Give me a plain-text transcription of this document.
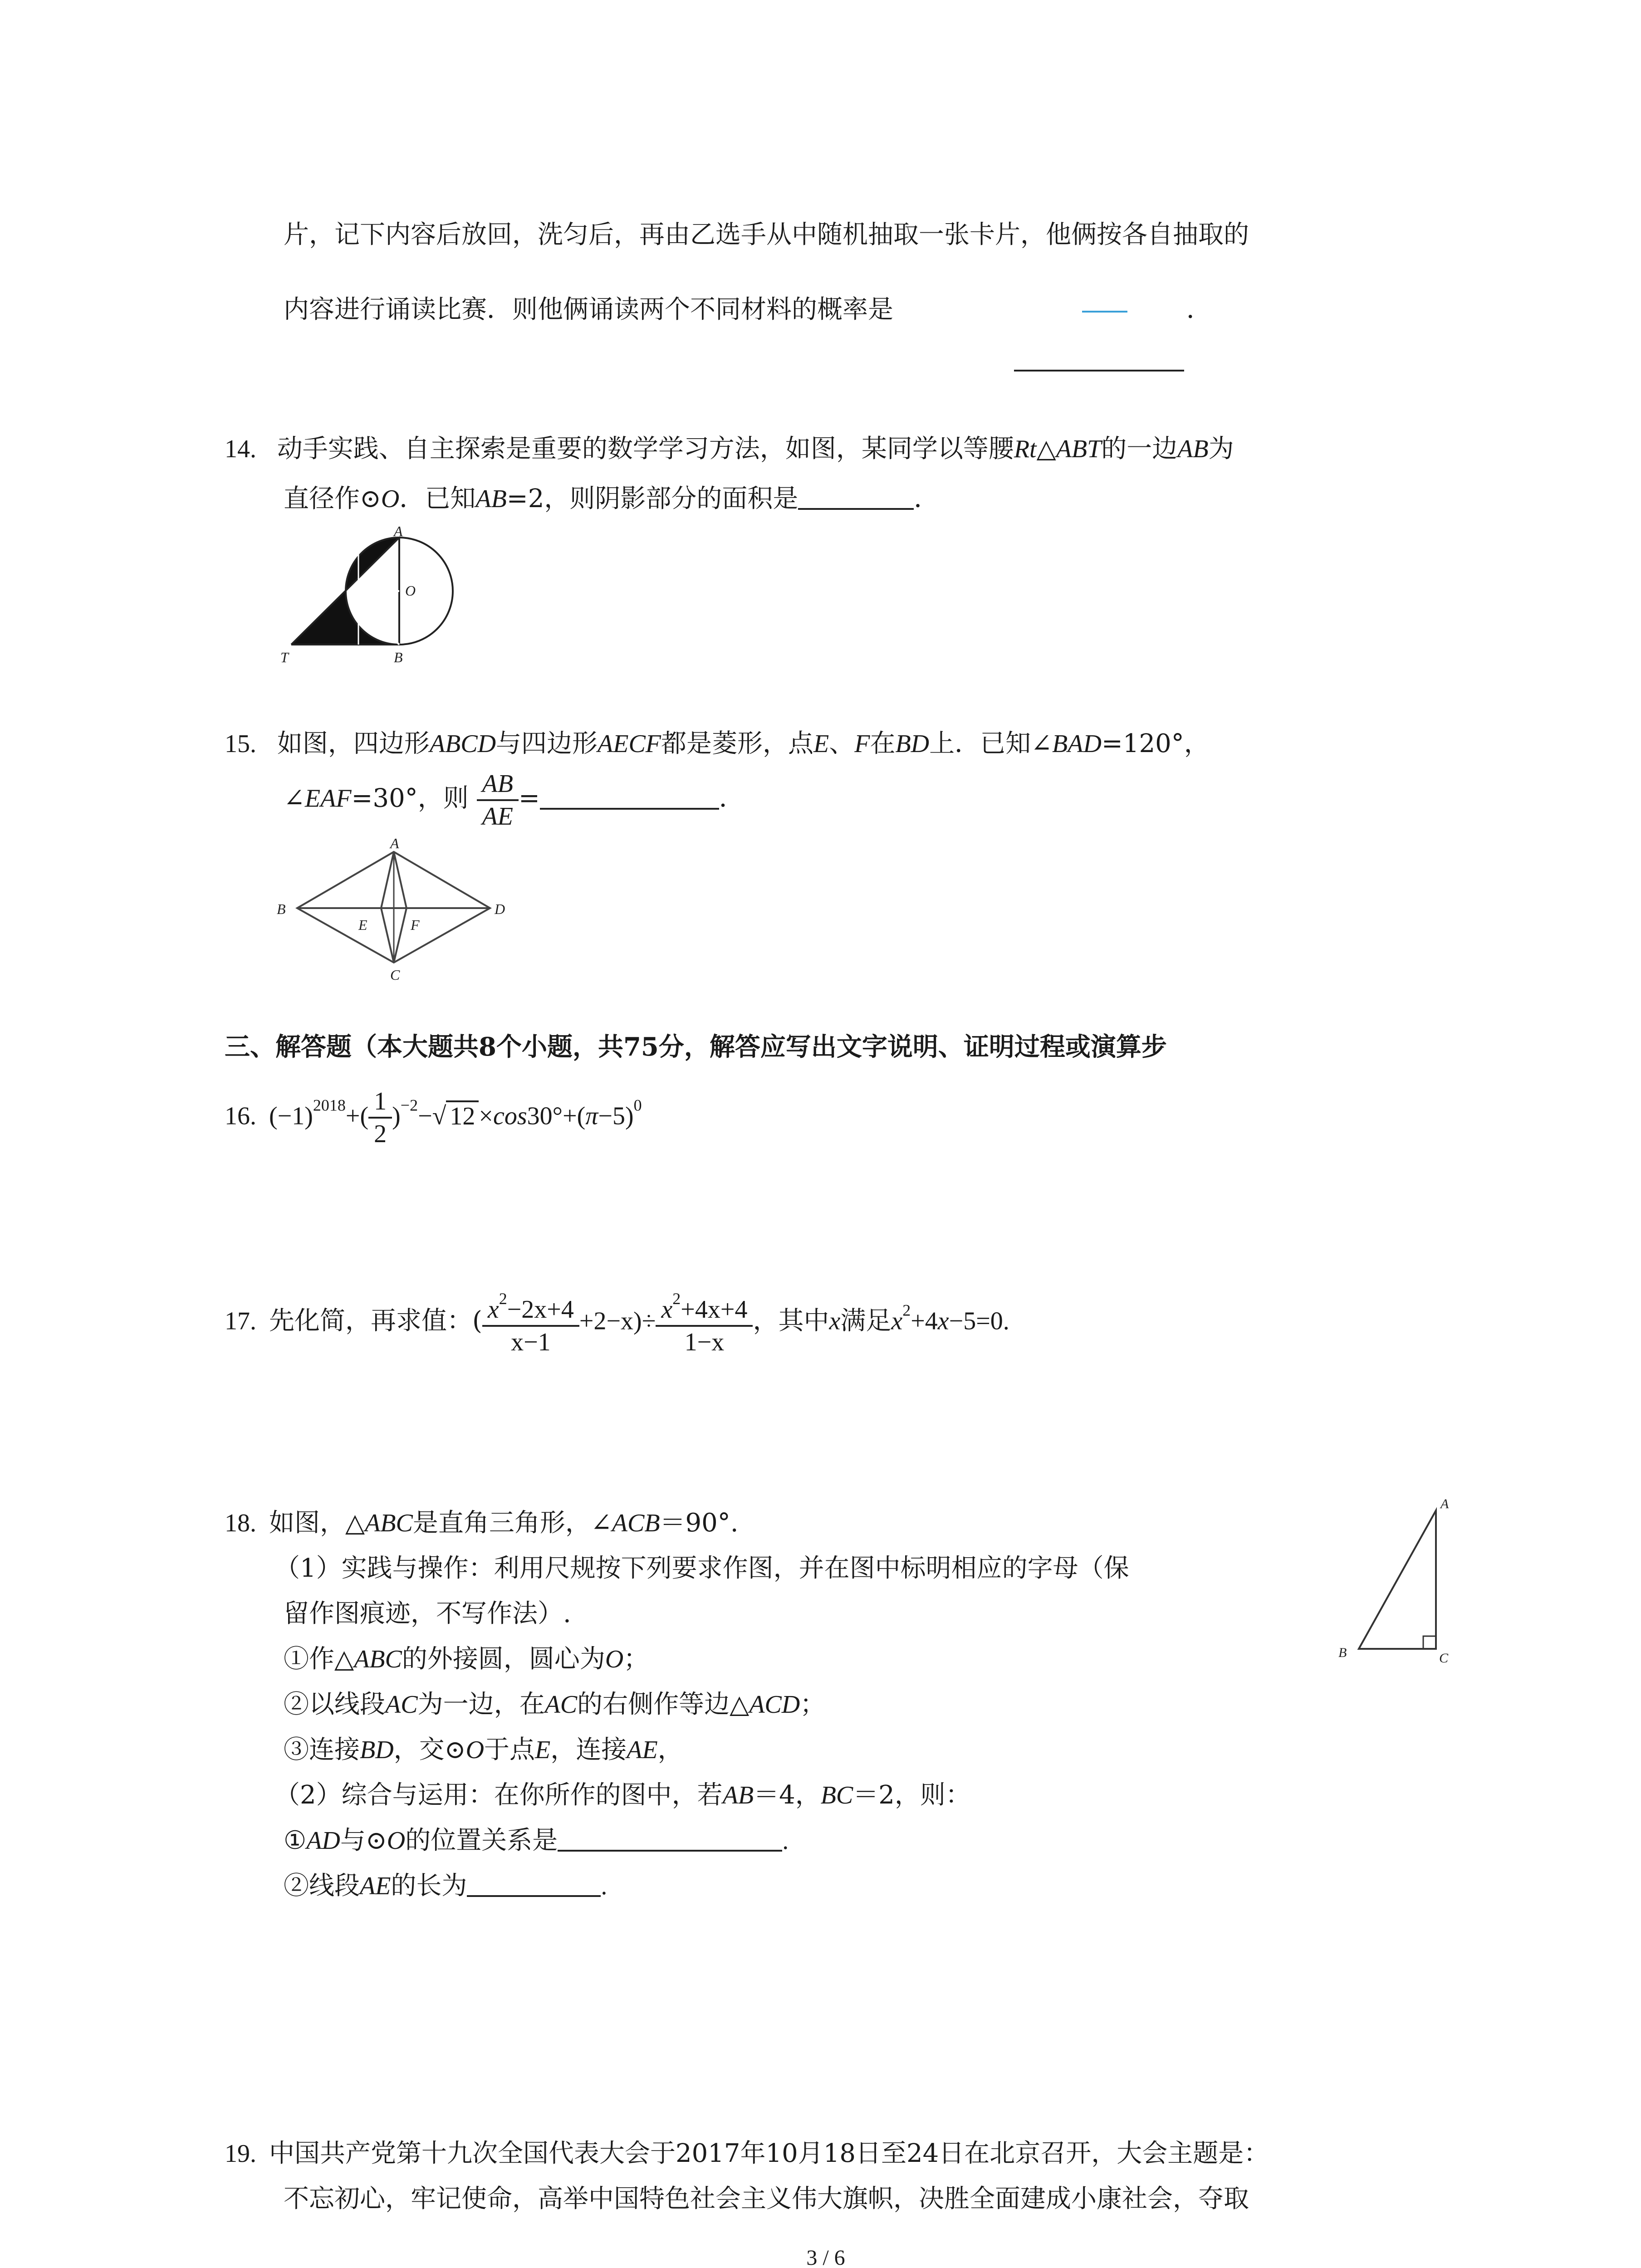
片，记下内容后放回，洗匀后，再由乙选手从中随机抽取一张卡片，他俩按各自抽取的
内容进行诵读比赛．则他俩诵读两个不同材料的概率是	．
14. 动手实践、自主探索是重要的数学学习方法，如图，某同学以等腰Rt△ABT的一边AB为
直径作⊙O．已知AB=2，则阴影部分的面积是	．
A
O
T	B
15. 如图，四边形ABCD与四边形AECF都是菱形，点E、F在BD上．已知∠BAD=120°，
∠EAF=30°，则 $\frac{AB}{AE}$ =	．
A
B
E	F
D
C
三、解答题（本大题共8个小题，共75分，解答应写出文字说明、证明过程或演算步
16. $(-1)^{2018}+( \frac{1}{2} )^{-2}-√$ $12 \times\cos 30^\circ+(\pi-5)^0$
17. 先化简，再求值：( $\frac{x^2-2x+4}{x-1} +2-x)\div \frac{x^2+4x+4}{1-x}$ ，其中x满足$x^2+4x-5=0$.
18. 如图，△ABC是直角三角形，∠ACB＝90°.
（1）实践与操作：利用尺规按下列要求作图，并在图中标明相应的字母（保
留作图痕迹，不写作法）.
①作△ABC的外接圆，圆心为O；
②以线段AC为一边，在AC的右侧作等边△ACD；
③连接BD，交⊙O于点E，连接AE，
（2）综合与运用：在你所作的图中，若AB＝4，BC＝2，则：
①AD与⊙O的位置关系是	.
②线段AE的长为	.
A
B	C
19. 中国共产党第十九次全国代表大会于2017年10月18日至24日在北京召开，大会主题是：
不忘初心，牢记使命，高举中国特色社会主义伟大旗帜，决胜全面建成小康社会，夺取
3 / 6
